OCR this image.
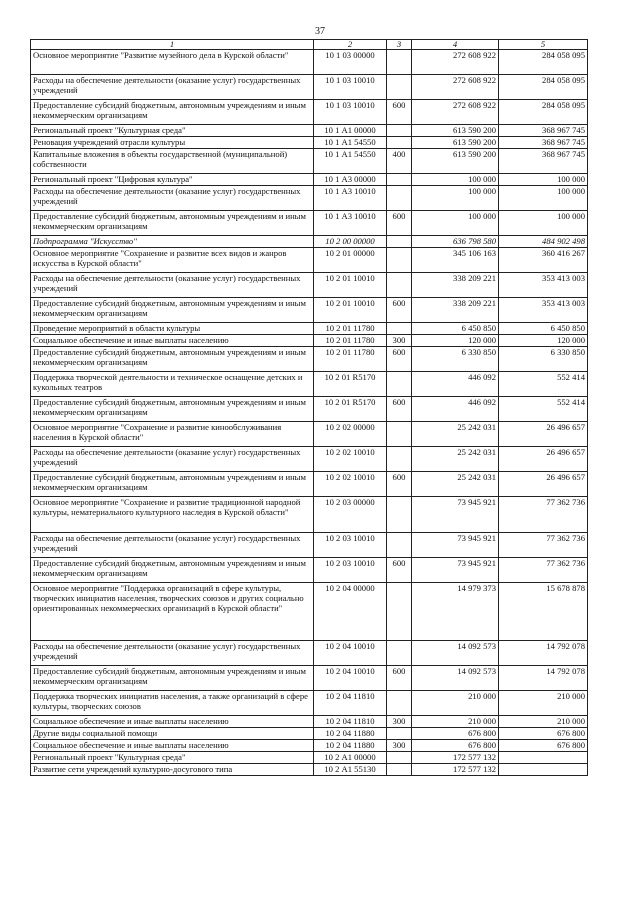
37
1	2	3	4	5
Основное мероприятие "Развитие музейного дела в Курской области"	10 1 03 00000		272 608 922	284 058 095
Расходы на обеспечение деятельности (оказание услуг) государственных учреждений	10 1 03 10010		272 608 922	284 058 095
Предоставление субсидий бюджетным, автономным учреждениям и иным некоммерческим организациям	10 1 03 10010	600	272 608 922	284 058 095
Региональный проект "Культурная среда"	10 1 А1 00000		613 590 200	368 967 745
Реновация учреждений отрасли культуры	10 1 А1 54550		613 590 200	368 967 745
Капитальные вложения в объекты государственной (муниципальной) собственности	10 1 А1 54550	400	613 590 200	368 967 745
Региональный проект "Цифровая культура"	10 1 А3 00000		100 000	100 000
Расходы на обеспечение деятельности (оказание услуг) государственных учреждений	10 1 А3 10010		100 000	100 000
Предоставление субсидий бюджетным, автономным учреждениям и иным некоммерческим организациям	10 1 А3 10010	600	100 000	100 000
Подпрограмма "Искусство"	10 2 00 00000		636 798 580	484 902 498
Основное мероприятие "Сохранение и развитие всех видов и жанров искусства в Курской области"	10 2 01 00000		345 106 163	360 416 267
Расходы на обеспечение деятельности (оказание услуг) государственных учреждений	10 2 01 10010		338 209 221	353 413 003
Предоставление субсидий бюджетным, автономным учреждениям и иным некоммерческим организациям	10 2 01 10010	600	338 209 221	353 413 003
Проведение мероприятий в области культуры	10 2 01 11780		6 450 850	6 450 850
Социальное обеспечение и иные выплаты населению	10 2 01 11780	300	120 000	120 000
Предоставление субсидий бюджетным, автономным учреждениям и иным некоммерческим организациям	10 2 01 11780	600	6 330 850	6 330 850
Поддержка творческой деятельности и техническое оснащение детских и кукольных театров	10 2 01 R5170		446 092	552 414
Предоставление субсидий бюджетным, автономным учреждениям и иным некоммерческим организациям	10 2 01 R5170	600	446 092	552 414
Основное мероприятие "Сохранение и развитие кинообслуживания населения в Курской области"	10 2 02 00000		25 242 031	26 496 657
Расходы на обеспечение деятельности (оказание услуг) государственных учреждений	10 2 02 10010		25 242 031	26 496 657
Предоставление субсидий бюджетным, автономным учреждениям и иным некоммерческим организациям	10 2 02 10010	600	25 242 031	26 496 657
Основное мероприятие "Сохранение и развитие традиционной народной культуры, нематериального культурного наследия в Курской области"	10 2 03 00000		73 945 921	77 362 736
Расходы на обеспечение деятельности (оказание услуг) государственных учреждений	10 2 03 10010		73 945 921	77 362 736
Предоставление субсидий бюджетным, автономным учреждениям и иным некоммерческим организациям	10 2 03 10010	600	73 945 921	77 362 736
Основное мероприятие "Поддержка организаций в сфере культуры, творческих инициатив населения, творческих союзов и других социально ориентированных некоммерческих организаций в Курской области"	10 2 04 00000		14 979 373	15 678 878
Расходы на обеспечение деятельности (оказание услуг) государственных учреждений	10 2 04 10010		14 092 573	14 792 078
Предоставление субсидий бюджетным, автономным учреждениям и иным некоммерческим организациям	10 2 04 10010	600	14 092 573	14 792 078
Поддержка творческих инициатив населения, а также организаций в сфере культуры, творческих союзов	10 2 04 11810		210 000	210 000
Социальное обеспечение и иные выплаты населению	10 2 04 11810	300	210 000	210 000
Другие виды социальной помощи	10 2 04 11880		676 800	676 800
Социальное обеспечение и иные выплаты населению	10 2 04 11880	300	676 800	676 800
Региональный проект "Культурная среда"	10 2 А1 00000		172 577 132	
Развитие сети учреждений культурно-досугового типа	10 2 А1 55130		172 577 132	
